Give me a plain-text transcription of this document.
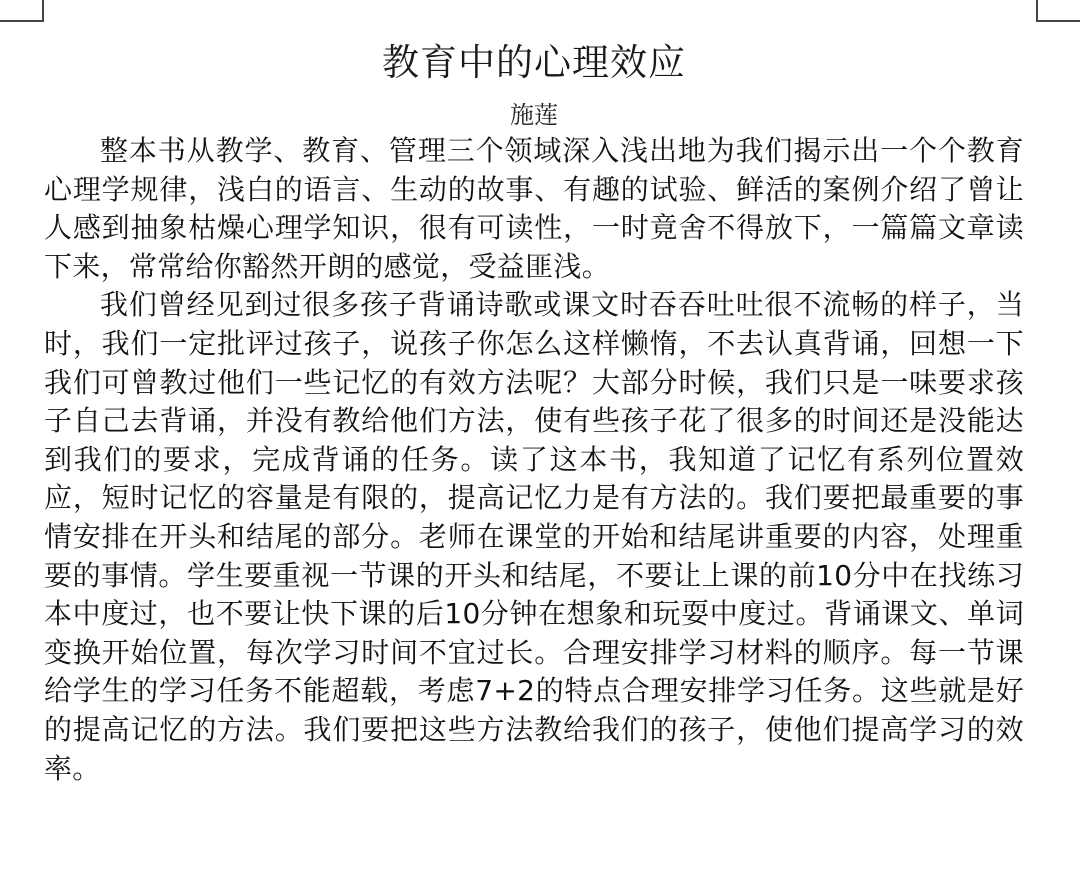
教育中的心理效应

施莲

整本书从教学、教育、管理三个领域深入浅出地为我们揭示出一个个教育心理学规律，浅白的语言、生动的故事、有趣的试验、鲜活的案例介绍了曾让人感到抽象枯燥心理学知识，很有可读性，一时竟舍不得放下，一篇篇文章读下来，常常给你豁然开朗的感觉，受益匪浅。

我们曾经见到过很多孩子背诵诗歌或课文时吞吞吐吐很不流畅的样子，当时，我们一定批评过孩子，说孩子你怎么这样懒惰，不去认真背诵，回想一下我们可曾教过他们一些记忆的有效方法呢？大部分时候，我们只是一味要求孩子自己去背诵，并没有教给他们方法，使有些孩子花了很多的时间还是没能达到我们的要求，完成背诵的任务。读了这本书，我知道了记忆有系列位置效应，短时记忆的容量是有限的，提高记忆力是有方法的。我们要把最重要的事情安排在开头和结尾的部分。老师在课堂的开始和结尾讲重要的内容，处理重要的事情。学生要重视一节课的开头和结尾，不要让上课的前10分中在找练习本中度过，也不要让快下课的后10分钟在想象和玩耍中度过。背诵课文、单词变换开始位置，每次学习时间不宜过长。合理安排学习材料的顺序。每一节课给学生的学习任务不能超载，考虑7+2的特点合理安排学习任务。这些就是好的提高记忆的方法。我们要把这些方法教给我们的孩子，使他们提高学习的效率。
